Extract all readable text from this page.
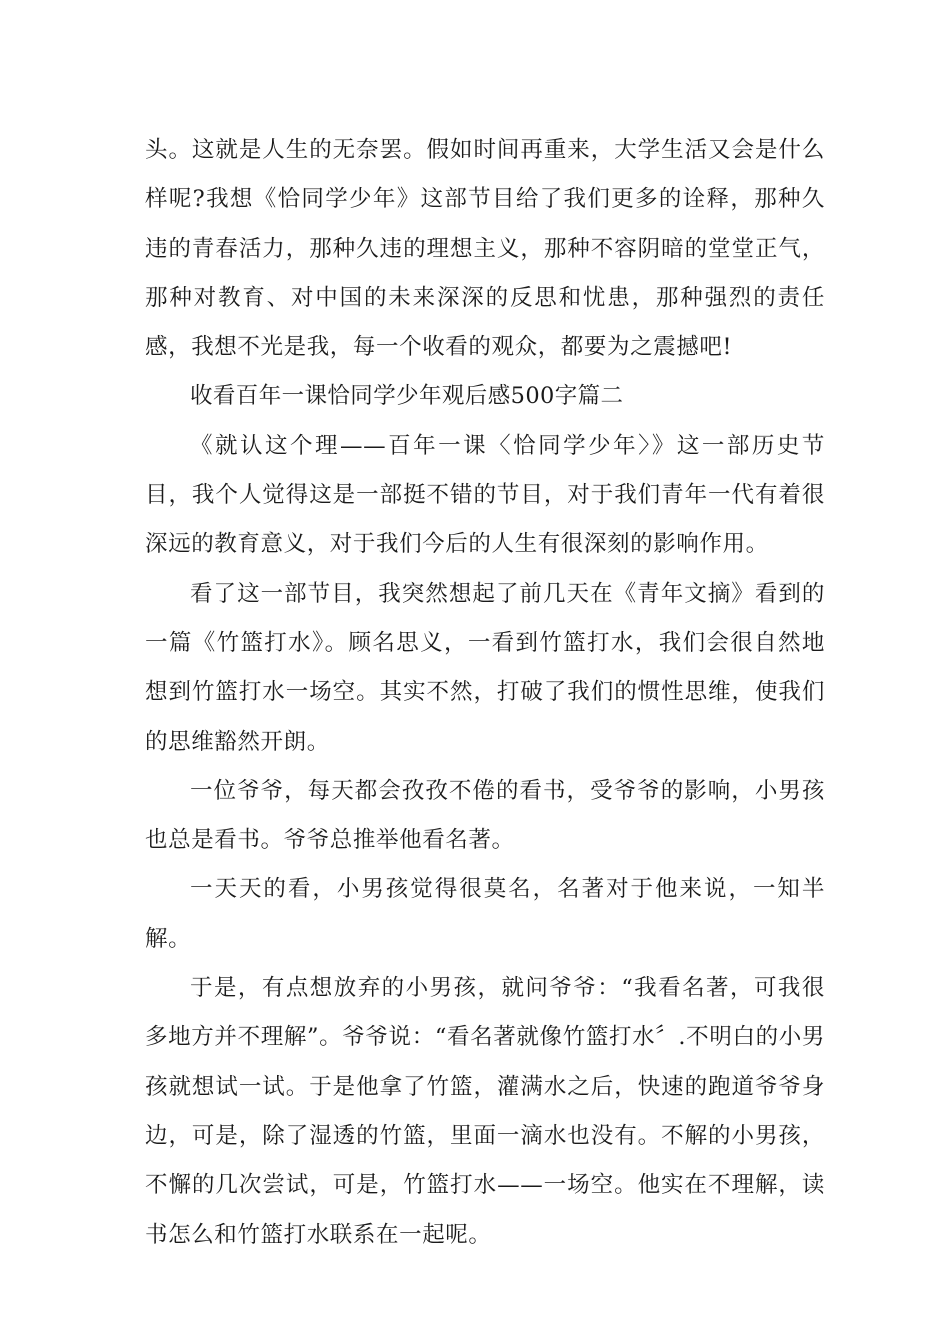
头。这就是人生的无奈罢。假如时间再重来，大学生活又会是什么样呢?我想《恰同学少年》这部节目给了我们更多的诠释，那种久违的青春活力，那种久违的理想主义，那种不容阴暗的堂堂正气，那种对教育、对中国的未来深深的反思和忧患，那种强烈的责任感，我想不光是我，每一个收看的观众，都要为之震撼吧!

收看百年一课恰同学少年观后感500字篇二

《就认这个理——百年一课〈恰同学少年〉》这一部历史节目，我个人觉得这是一部挺不错的节目，对于我们青年一代有着很深远的教育意义，对于我们今后的人生有很深刻的影响作用。

看了这一部节目，我突然想起了前几天在《青年文摘》看到的一篇《竹篮打水》。顾名思义，一看到竹篮打水，我们会很自然地想到竹篮打水一场空。其实不然，打破了我们的惯性思维，使我们的思维豁然开朗。

一位爷爷，每天都会孜孜不倦的看书，受爷爷的影响，小男孩也总是看书。爷爷总推举他看名著。

一天天的看，小男孩觉得很莫名，名著对于他来说，一知半解。

于是，有点想放弃的小男孩，就问爷爷：“我看名著，可我很多地方并不理解”。爷爷说：“看名著就像竹篮打水〞.不明白的小男孩就想试一试。于是他拿了竹篮，灌满水之后，快速的跑道爷爷身边，可是，除了湿透的竹篮，里面一滴水也没有。不解的小男孩，不懈的几次尝试，可是，竹篮打水——一场空。他实在不理解，读书怎么和竹篮打水联系在一起呢。
